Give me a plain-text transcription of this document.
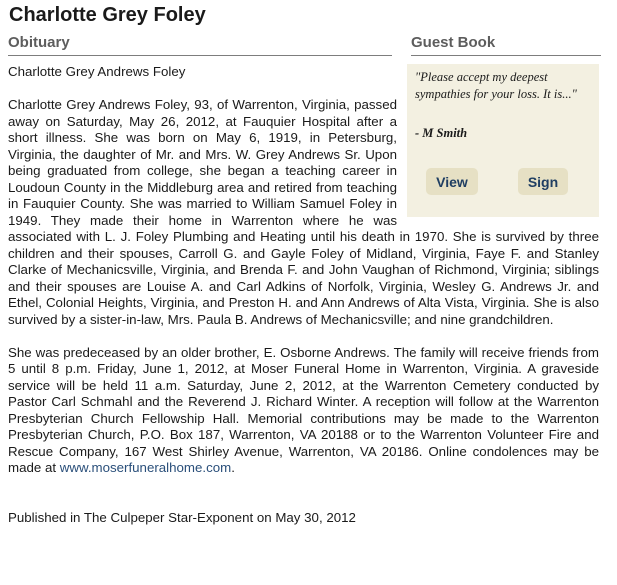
Charlotte Grey Foley
Obituary	Guest Book
"Please accept my deepest sympathies for your loss. It is..."
- M Smith
View	Sign

Charlotte Grey Andrews Foley

Charlotte Grey Andrews Foley, 93, of Warrenton, Virginia, passed away on Saturday, May 26, 2012, at Fauquier Hospital after a short illness. She was born on May 6, 1919, in Petersburg, Virginia, the daughter of Mr. and Mrs. W. Grey Andrews Sr. Upon being graduated from college, she began a teaching career in Loudoun County in the Middleburg area and retired from teaching in Fauquier County. She was married to William Samuel Foley in 1949. They made their home in Warrenton where he was associated with L. J. Foley Plumbing and Heating until his death in 1970. She is survived by three children and their spouses, Carroll G. and Gayle Foley of Midland, Virginia, Faye F. and Stanley Clarke of Mechanicsville, Virginia, and Brenda F. and John Vaughan of Richmond, Virginia; siblings and their spouses are Louise A. and Carl Adkins of Norfolk, Virginia, Wesley G. Andrews Jr. and Ethel, Colonial Heights, Virginia, and Preston H. and Ann Andrews of Alta Vista, Virginia. She is also survived by a sister-in-law, Mrs. Paula B. Andrews of Mechanicsville; and nine grandchildren.

She was predeceased by an older brother, E. Osborne Andrews. The family will receive friends from 5 until 8 p.m. Friday, June 1, 2012, at Moser Funeral Home in Warrenton, Virginia. A graveside service will be held 11 a.m. Saturday, June 2, 2012, at the Warrenton Cemetery conducted by Pastor Carl Schmahl and the Reverend J. Richard Winter. A reception will follow at the Warrenton Presbyterian Church Fellowship Hall. Memorial contributions may be made to the Warrenton Presbyterian Church, P.O. Box 187, Warrenton, VA 20188 or to the Warrenton Volunteer Fire and Rescue Company, 167 West Shirley Avenue, Warrenton, VA 20186. Online condolences may be made at www.moserfuneralhome.com.

Published in The Culpeper Star-Exponent on May 30, 2012
